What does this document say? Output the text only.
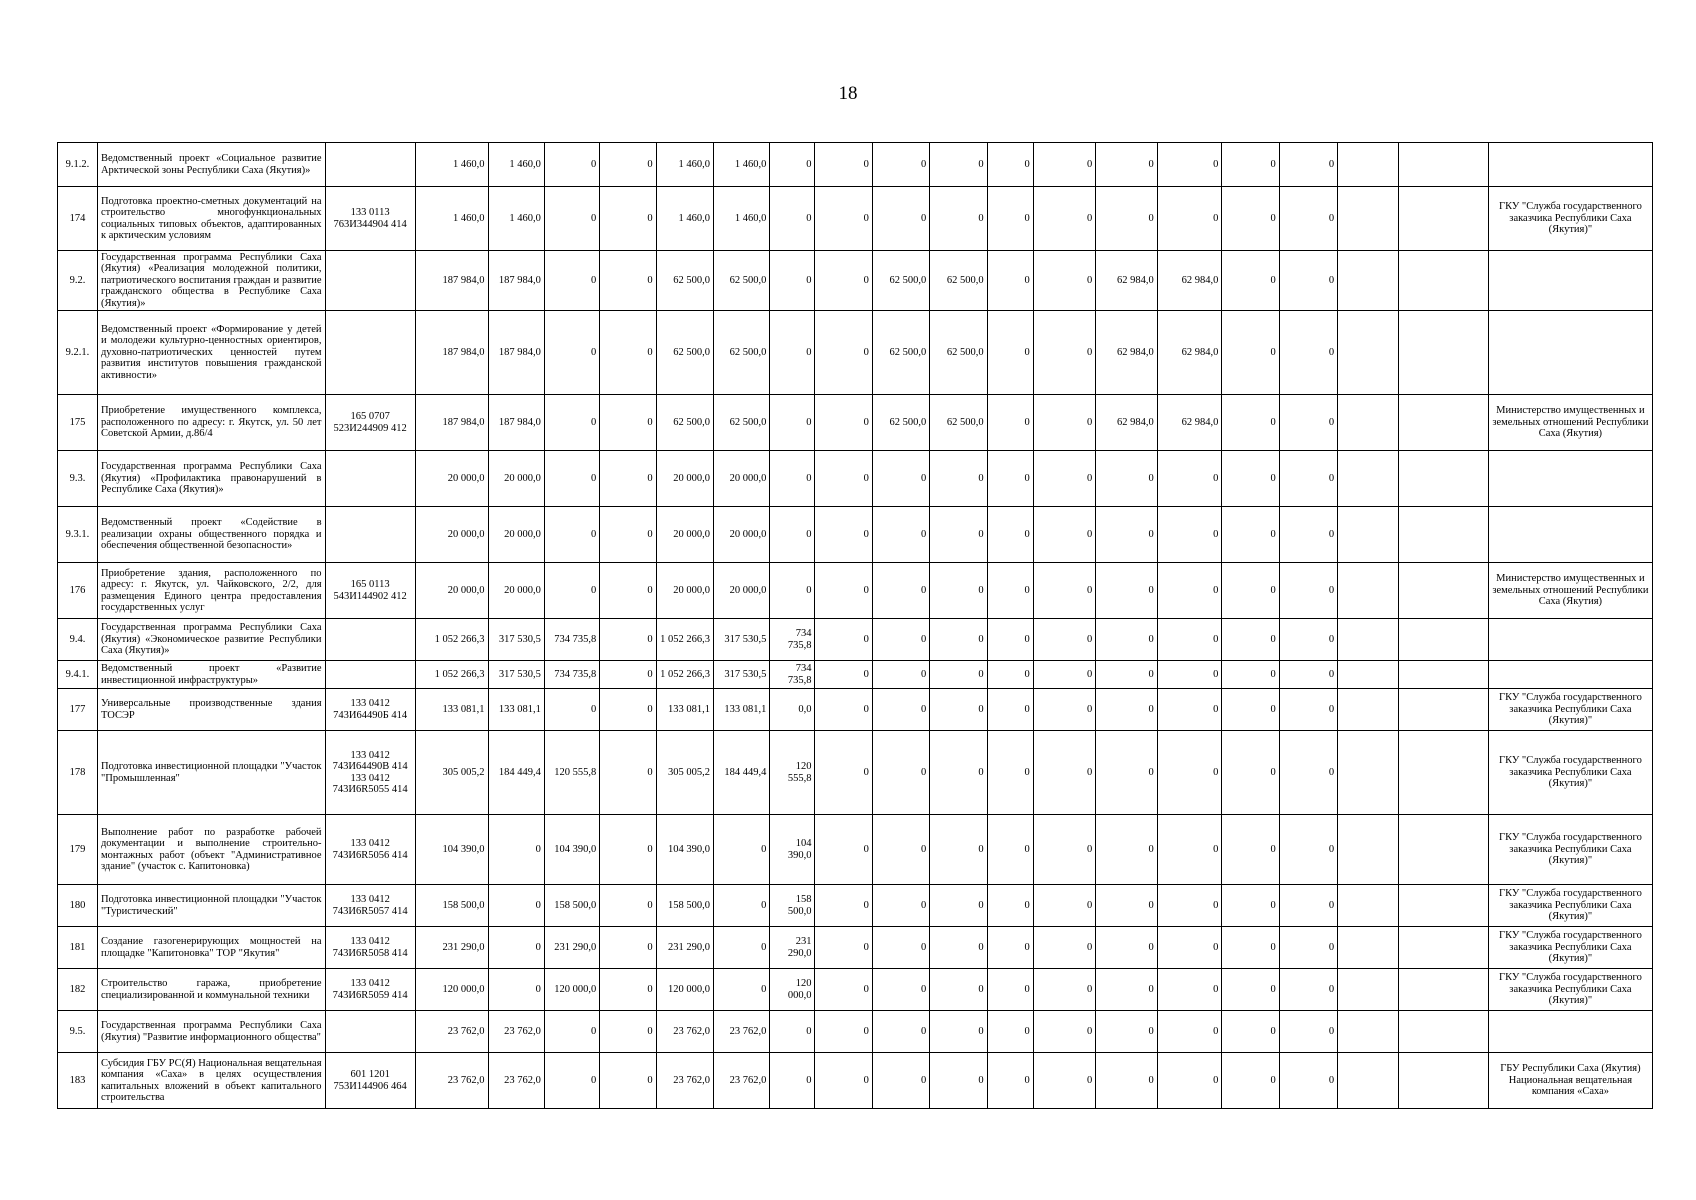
18
9.1.2.	Ведомственный проект «Социальное развитие Арктической зоны Республики Саха (Якутия)»		1 460,0	1 460,0	0	0	1 460,0	1 460,0	0	0	0	0	0	0	0	0	0	0			
174	Подготовка проектно-сметных документаций на строительство многофункциональных социальных типовых объектов, адаптированных к арктическим условиям	133 0113 763И344904 414	1 460,0	1 460,0	0	0	1 460,0	1 460,0	0	0	0	0	0	0	0	0	0	0			ГКУ "Служба государственного заказчика Республики Саха (Якутия)"
9.2.	Государственная программа Республики Саха (Якутия) «Реализация молодежной политики, патриотического воспитания граждан и развитие гражданского общества в Республике Саха (Якутия)»		187 984,0	187 984,0	0	0	62 500,0	62 500,0	0	0	62 500,0	62 500,0	0	0	62 984,0	62 984,0	0	0			
9.2.1.	Ведомственный проект «Формирование у детей и молодежи культурно-ценностных ориентиров, духовно-патриотических ценностей путем развития институтов повышения гражданской активности»		187 984,0	187 984,0	0	0	62 500,0	62 500,0	0	0	62 500,0	62 500,0	0	0	62 984,0	62 984,0	0	0			
175	Приобретение имущественного комплекса, расположенного по адресу: г. Якутск, ул. 50 лет Советской Армии, д.86/4	165 0707 523И244909 412	187 984,0	187 984,0	0	0	62 500,0	62 500,0	0	0	62 500,0	62 500,0	0	0	62 984,0	62 984,0	0	0			Министерство имущественных и земельных отношений Республики Саха (Якутия)
9.3.	Государственная программа Республики Саха (Якутия) «Профилактика правонарушений в Республике Саха (Якутия)»		20 000,0	20 000,0	0	0	20 000,0	20 000,0	0	0	0	0	0	0	0	0	0	0			
9.3.1.	Ведомственный проект «Содействие в реализации охраны общественного порядка и обеспечения общественной безопасности»		20 000,0	20 000,0	0	0	20 000,0	20 000,0	0	0	0	0	0	0	0	0	0	0			
176	Приобретение здания, расположенного по адресу: г. Якутск, ул. Чайковского, 2/2, для размещения Единого центра предоставления государственных услуг	165 0113 543И144902 412	20 000,0	20 000,0	0	0	20 000,0	20 000,0	0	0	0	0	0	0	0	0	0	0			Министерство имущественных и земельных отношений Республики Саха (Якутия)
9.4.	Государственная программа Республики Саха (Якутия) «Экономическое развитие Республики Саха (Якутия)»		1 052 266,3	317 530,5	734 735,8	0	1 052 266,3	317 530,5	734 735,8	0	0	0	0	0	0	0	0	0			
9.4.1.	Ведомственный проект «Развитие инвестиционной инфраструктуры»		1 052 266,3	317 530,5	734 735,8	0	1 052 266,3	317 530,5	734 735,8	0	0	0	0	0	0	0	0	0			
177	Универсальные производственные здания ТОСЭР	133 0412 743И64490Б 414	133 081,1	133 081,1	0	0	133 081,1	133 081,1	0,0	0	0	0	0	0	0	0	0	0			ГКУ "Служба государственного заказчика Республики Саха (Якутия)"
178	Подготовка инвестиционной площадки "Участок "Промышленная"	133 0412 743И64490В 414 133 0412 743И6R5055 414	305 005,2	184 449,4	120 555,8	0	305 005,2	184 449,4	120 555,8	0	0	0	0	0	0	0	0	0			ГКУ "Служба государственного заказчика Республики Саха (Якутия)"
179	Выполнение работ по разработке рабочей документации и выполнение строительно-монтажных работ (объект "Административное здание" (участок с. Капитоновка)	133 0412 743И6R5056 414	104 390,0	0	104 390,0	0	104 390,0	0	104 390,0	0	0	0	0	0	0	0	0	0			ГКУ "Служба государственного заказчика Республики Саха (Якутия)"
180	Подготовка инвестиционной площадки "Участок "Туристический"	133 0412 743И6R5057 414	158 500,0	0	158 500,0	0	158 500,0	0	158 500,0	0	0	0	0	0	0	0	0	0			ГКУ "Служба государственного заказчика Республики Саха (Якутия)"
181	Создание газогенерирующих мощностей на площадке "Капитоновка" ТОР "Якутия"	133 0412 743И6R5058 414	231 290,0	0	231 290,0	0	231 290,0	0	231 290,0	0	0	0	0	0	0	0	0	0			ГКУ "Служба государственного заказчика Республики Саха (Якутия)"
182	Строительство гаража, приобретение специализированной и коммунальной техники	133 0412 743И6R5059 414	120 000,0	0	120 000,0	0	120 000,0	0	120 000,0	0	0	0	0	0	0	0	0	0			ГКУ "Служба государственного заказчика Республики Саха (Якутия)"
9.5.	Государственная программа Республики Саха (Якутия) "Развитие информационного общества"		23 762,0	23 762,0	0	0	23 762,0	23 762,0	0	0	0	0	0	0	0	0	0	0			
183	Субсидия ГБУ РС(Я) Национальная вещательная компания «Саха» в целях осуществления капитальных вложений в объект капитального строительства	601 1201 753И144906 464	23 762,0	23 762,0	0	0	23 762,0	23 762,0	0	0	0	0	0	0	0	0	0	0			ГБУ Республики Саха (Якутия) Национальная вещательная компания «Саха»
